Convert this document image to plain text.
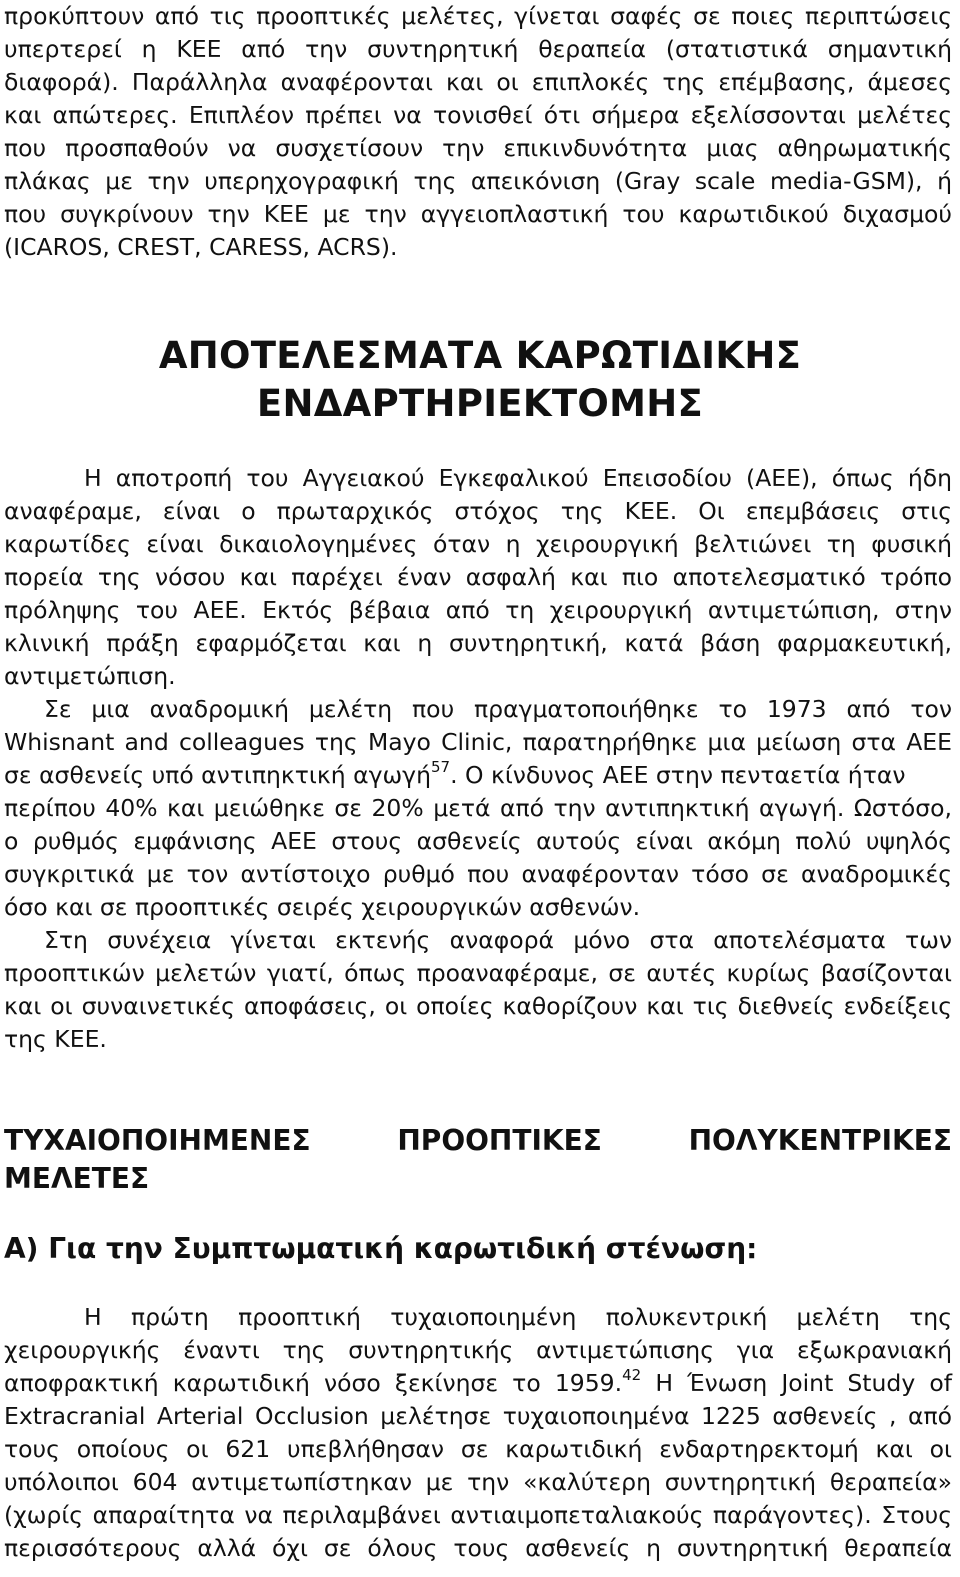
προκύπτουν από τις προοπτικές μελέτες, γίνεται σαφές σε ποιες περιπτώσεις
υπερτερεί η ΚΕΕ από την συντηρητική θεραπεία (στατιστικά σημαντική
διαφορά). Παράλληλα αναφέρονται και οι επιπλοκές της επέμβασης, άμεσες
και απώτερες. Επιπλέον πρέπει να τονισθεί ότι σήμερα εξελίσσονται μελέτες
που προσπαθούν να συσχετίσουν την επικινδυνότητα μιας αθηρωματικής
πλάκας με την υπερηχογραφική της απεικόνιση (Gray scale media-GSM), ή
που συγκρίνουν την ΚΕΕ με την αγγειοπλαστική του καρωτιδικού διχασμού
(ICAROS, CREST, CARESS, ACRS).
ΑΠΟΤΕΛΕΣΜΑΤΑ ΚΑΡΩΤΙΔΙΚΗΣ
ΕΝΔΑΡΤΗΡΙΕΚΤΟΜΗΣ
Η αποτροπή του Αγγειακού Εγκεφαλικού Επεισοδίου (ΑΕΕ), όπως ήδη
αναφέραμε, είναι ο πρωταρχικός στόχος της ΚΕΕ. Οι επεμβάσεις στις
καρωτίδες είναι δικαιολογημένες όταν η χειρουργική βελτιώνει τη φυσική
πορεία της νόσου και παρέχει έναν ασφαλή και πιο αποτελεσματικό τρόπο
πρόληψης του ΑΕΕ. Εκτός βέβαια από τη χειρουργική αντιμετώπιση, στην
κλινική πράξη εφαρμόζεται και η συντηρητική, κατά βάση φαρμακευτική,
αντιμετώπιση.
Σε μια αναδρομική μελέτη που πραγματοποιήθηκε το 1973 από τον
Whisnant and colleagues της Mayo Clinic, παρατηρήθηκε μια μείωση στα ΑΕΕ
σε ασθενείς υπό αντιπηκτική αγωγή$^{57}$. Ο κίνδυνος ΑΕΕ στην πενταετία ήταν
περίπου 40% και μειώθηκε σε 20% μετά από την αντιπηκτική αγωγή. Ωστόσο,
ο ρυθμός εμφάνισης ΑΕΕ στους ασθενείς αυτούς είναι ακόμη πολύ υψηλός
συγκριτικά με τον αντίστοιχο ρυθμό που αναφέρονταν τόσο σε αναδρομικές
όσο και σε προοπτικές σειρές χειρουργικών ασθενών.
Στη συνέχεια γίνεται εκτενής αναφορά μόνο στα αποτελέσματα των
προοπτικών μελετών γιατί, όπως προαναφέραμε, σε αυτές κυρίως βασίζονται
και οι συναινετικές αποφάσεις, οι οποίες καθορίζουν και τις διεθνείς ενδείξεις
της ΚΕΕ.
ΤΥΧΑΙΟΠΟΙΗΜΕΝΕΣ ΠΡΟΟΠΤΙΚΕΣ ΠΟΛΥΚΕΝΤΡΙΚΕΣ
ΜΕΛΕΤΕΣ
Α) Για την Συμπτωματική καρωτιδική στένωση:
Η πρώτη προοπτική τυχαιοποιημένη πολυκεντρική μελέτη της
χειρουργικής έναντι της συντηρητικής αντιμετώπισης για εξωκρανιακή
αποφρακτική καρωτιδική νόσο ξεκίνησε το 1959.42 Η Ένωση Joint Study of
Extracranial Arterial Occlusion μελέτησε τυχαιοποιημένα 1225 ασθενείς , από
τους οποίους οι 621 υπεβλήθησαν σε καρωτιδική ενδαρτηρεκτομή και οι
υπόλοιποι 604 αντιμετωπίστηκαν με την «καλύτερη συντηρητική θεραπεία»
(χωρίς απαραίτητα να περιλαμβάνει αντιαιμοπεταλιακούς παράγοντες). Στους
περισσότερους αλλά όχι σε όλους τους ασθενείς η συντηρητική θεραπεία
